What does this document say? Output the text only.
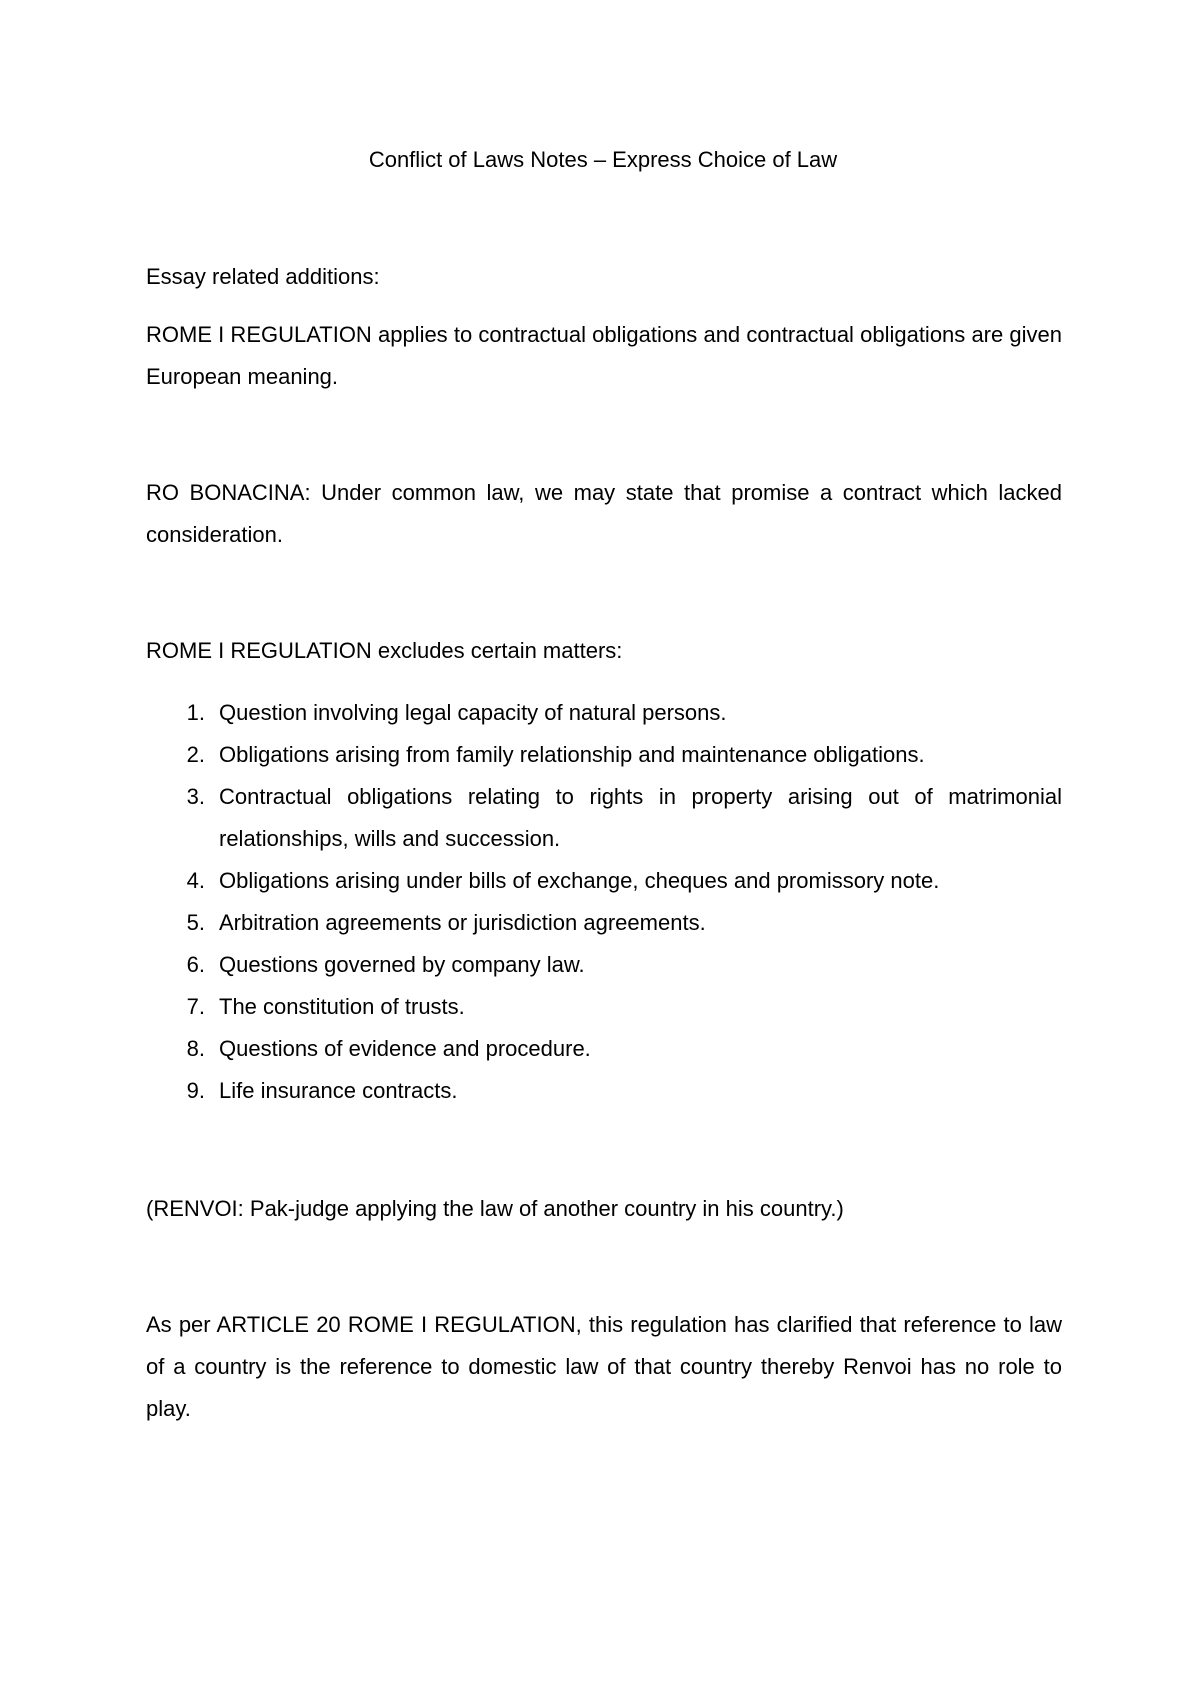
Conflict of Laws Notes – Express Choice of Law

Essay related additions:

ROME I REGULATION applies to contractual obligations and contractual obligations are given European meaning.

RO BONACINA: Under common law, we may state that promise a contract which lacked consideration.

ROME I REGULATION excludes certain matters:

1. Question involving legal capacity of natural persons.
2. Obligations arising from family relationship and maintenance obligations.
3. Contractual obligations relating to rights in property arising out of matrimonial relationships, wills and succession.
4. Obligations arising under bills of exchange, cheques and promissory note.
5. Arbitration agreements or jurisdiction agreements.
6. Questions governed by company law.
7. The constitution of trusts.
8. Questions of evidence and procedure.
9. Life insurance contracts.

(RENVOI: Pak-judge applying the law of another country in his country.)

As per ARTICLE 20 ROME I REGULATION, this regulation has clarified that reference to law of a country is the reference to domestic law of that country thereby Renvoi has no role to play.
